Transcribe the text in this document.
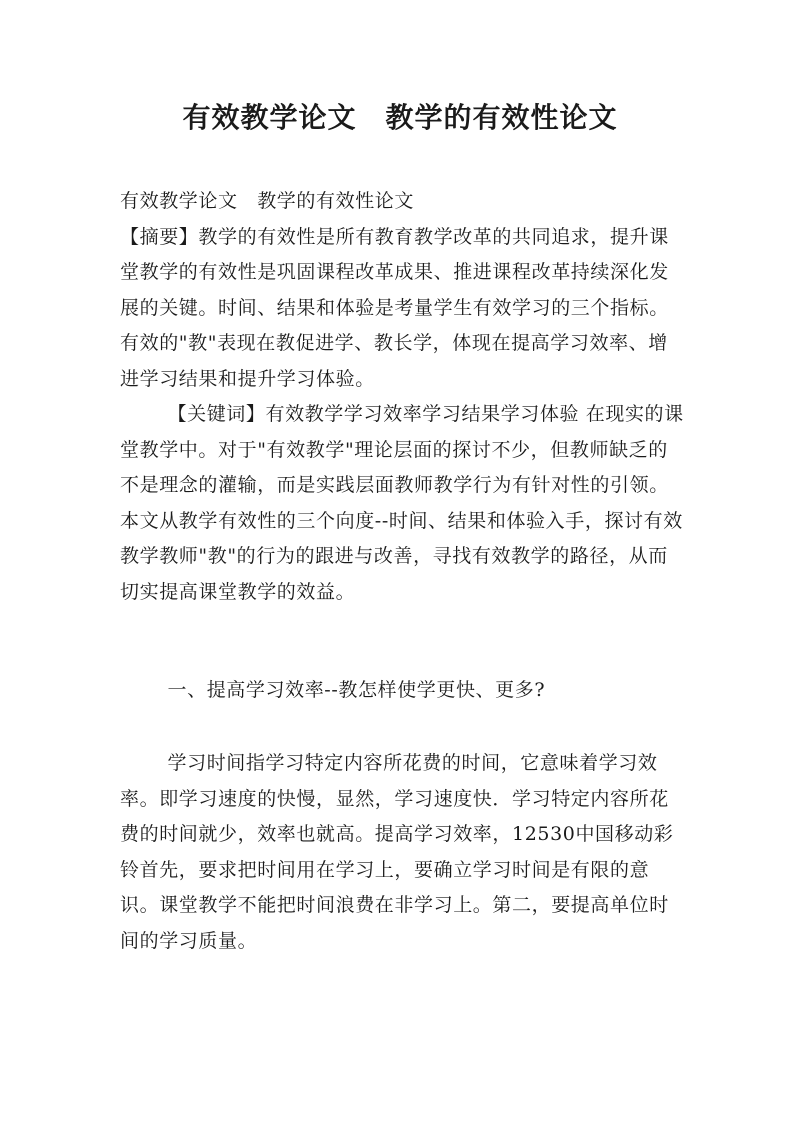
有效教学论文　教学的有效性论文

有效教学论文　教学的有效性论文

【摘要】教学的有效性是所有教育教学改革的共同追求，提升课堂教学的有效性是巩固课程改革成果、推进课程改革持续深化发展的关键。时间、结果和体验是考量学生有效学习的三个指标。有效的"教"表现在教促进学、教长学，体现在提高学习效率、增进学习结果和提升学习体验。

【关键词】有效教学学习效率学习结果学习体验 在现实的课堂教学中。对于"有效教学"理论层面的探讨不少，但教师缺乏的不是理念的灌输，而是实践层面教师教学行为有针对性的引领。本文从教学有效性的三个向度--时间、结果和体验入手，探讨有效教学教师"教"的行为的跟进与改善，寻找有效教学的路径，从而切实提高课堂教学的效益。

一、提高学习效率--教怎样使学更快、更多?

学习时间指学习特定内容所花费的时间，它意味着学习效率。即学习速度的快慢，显然，学习速度快．学习特定内容所花费的时间就少，效率也就高。提高学习效率，12530中国移动彩铃首先，要求把时间用在学习上，要确立学习时间是有限的意识。课堂教学不能把时间浪费在非学习上。第二，要提高单位时间的学习质量。
